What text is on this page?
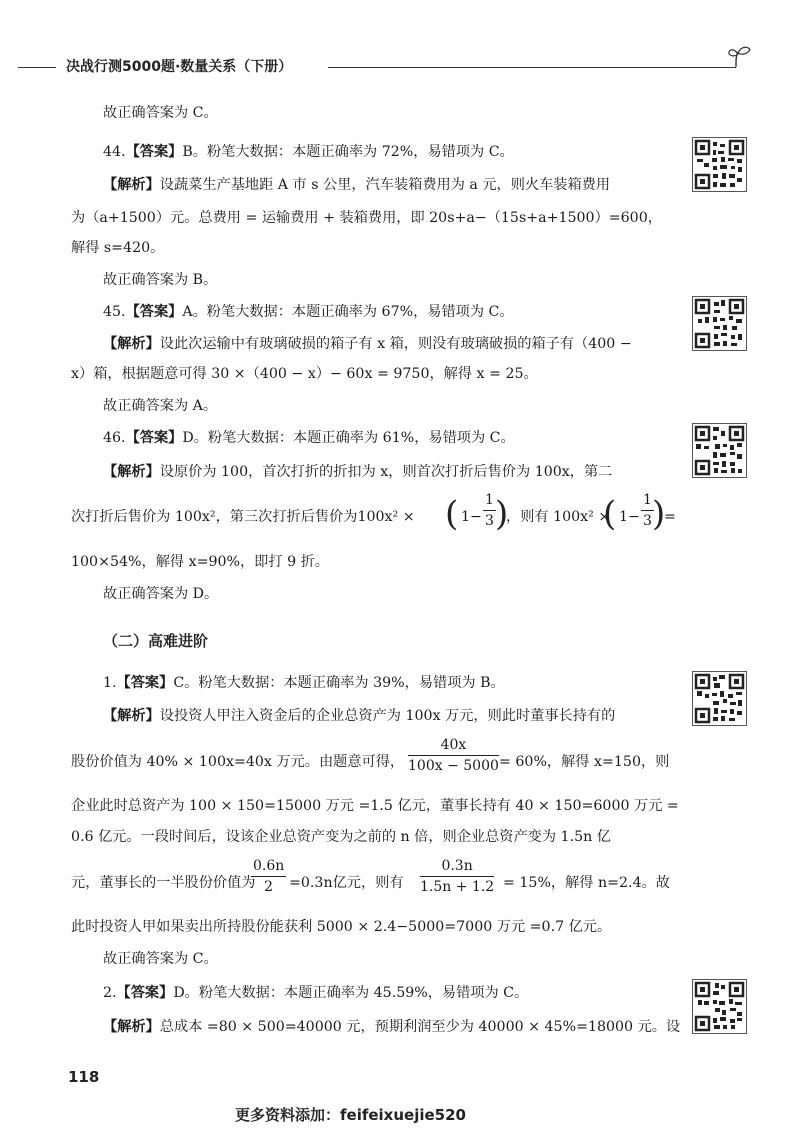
决战行测5000题·数量关系（下册）
故正确答案为 C。
44.【答案】B。粉笔大数据：本题正确率为 72%，易错项为 C。
【解析】设蔬菜生产基地距 A 市 s 公里，汽车装箱费用为 a 元，则火车装箱费用
为（a+1500）元。总费用 = 运输费用 + 装箱费用，即 20s+a−（15s+a+1500）=600，
解得 s=420。
故正确答案为 B。
45.【答案】A。粉笔大数据：本题正确率为 67%，易错项为 C。
【解析】设此次运输中有玻璃破损的箱子有 x 箱，则没有玻璃破损的箱子有（400 −
x）箱，根据题意可得 30 ×（400 − x）− 60x = 9750，解得 x = 25。
故正确答案为 A。
46.【答案】D。粉笔大数据：本题正确率为 61%，易错项为 C。
【解析】设原价为 100，首次打折的折扣为 x，则首次打折后售价为 100x，第二
次打折后售价为 100x²，第三次打折后售价为100x² × ( $1- \frac{1}{3}$ )
，则有 100x² ×
( $1- \frac{1}{3}$
)
=
100×54%，解得 x=90%，即打 9 折。
故正确答案为 D。
（二）高难进阶
1.【答案】C。粉笔大数据：本题正确率为 39%，易错项为 B。
【解析】设投资人甲注入资金后的企业总资产为 100x 万元，则此时董事长持有的
股份价值为 40% × 100x=40x 万元。由题意可得， $\frac{40x}{100x - 5000} = 60\%$，解得 x=150，则
企业此时总资产为 100 × 150=15000 万元 =1.5 亿元，董事长持有 40 × 150=6000 万元 =
0.6 亿元。一段时间后，设该企业总资产变为之前的 n 倍，则企业总资产变为 1.5n 亿
元，董事长的一半股份价值为
$\frac{0.6n}{2} =0.3n$亿元，则有 $\frac{0.3n}{1.5n + 1.2} = 15\%$，解得 n=2.4。故
此时投资人甲如果卖出所持股份能获利 5000 × 2.4−5000=7000 万元 =0.7 亿元。
故正确答案为 C。
2.【答案】D。粉笔大数据：本题正确率为 45.59%，易错项为 C。
【解析】总成本 =80 × 500=40000 元，预期利润至少为 40000 × 45%=18000 元。设
118
更多资料添加：feifeixuejie520
